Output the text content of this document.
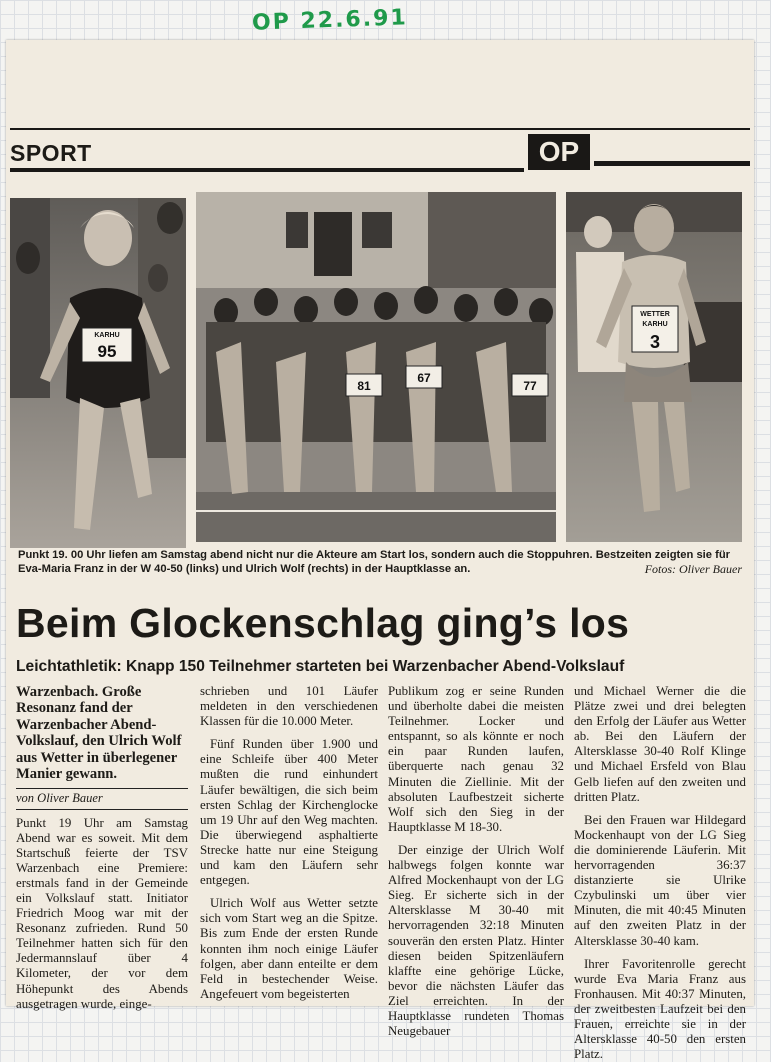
OP 22.6.91
SPORT	OP
KARHU
95
81
67
77
WETTER
KARHU
3
Punkt 19. 00 Uhr liefen am Samstag abend nicht nur die Akteure am Start los, sondern auch die Stoppuhren. Bestzeiten zeigten sie für Eva-Maria Franz in der W 40-50 (links) und Ulrich Wolf (rechts) in der Hauptklasse an.	Fotos: Oliver Bauer
Beim Glockenschlag ging’s los
Leichtathletik: Knapp 150 Teilnehmer starteten bei Warzenbacher Abend-Volkslauf
Warzenbach. Große Resonanz fand der Warzenbacher Abend-Volkslauf, den Ulrich Wolf aus Wetter in überlegener Manier gewann.
von Oliver Bauer

Punkt 19 Uhr am Samstag Abend war es soweit. Mit dem Startschuß feierte der TSV Warzenbach eine Premiere: erstmals fand in der Gemeinde ein Volkslauf statt. Initiator Friedrich Moog war mit der Resonanz zufrieden. Rund 50 Teilnehmer hatten sich für den Jedermannslauf über 4 Kilometer, der vor dem Höhepunkt des Abends ausgetragen wurde, einge-

schrieben und 101 Läufer meldeten in den verschiedenen Klassen für die 10.000 Meter.

Fünf Runden über 1.900 und eine Schleife über 400 Meter mußten die rund einhundert Läufer bewältigen, die sich beim ersten Schlag der Kirchenglocke um 19 Uhr auf den Weg machten. Die überwiegend asphaltierte Strecke hatte nur eine Steigung und kam den Läufern sehr entgegen.

Ulrich Wolf aus Wetter setzte sich vom Start weg an die Spitze. Bis zum Ende der ersten Runde konnten ihm noch einige Läufer folgen, aber dann enteilte er dem Feld in bestechender Weise. Angefeuert vom begeisterten

Publikum zog er seine Runden und überholte dabei die meisten Teilnehmer. Locker und entspannt, so als könnte er noch ein paar Runden laufen, überquerte nach genau 32 Minuten die Ziellinie. Mit der absoluten Laufbestzeit sicherte Wolf sich den Sieg in der Hauptklasse M 18-30.

Der einzige der Ulrich Wolf halbwegs folgen konnte war Alfred Mockenhaupt von der LG Sieg. Er sicherte sich in der Altersklasse M 30-40 mit hervorragenden 32:18 Minuten souverän den ersten Platz. Hinter diesen beiden Spitzenläufern klaffte eine gehörige Lücke, bevor die nächsten Läufer das Ziel erreichten. In der Hauptklasse rundeten Thomas Neugebauer

und Michael Werner die die Plätze zwei und drei belegten den Erfolg der Läufer aus Wetter ab. Bei den Läufern der Altersklasse 30-40 Rolf Klinge und Michael Ersfeld von Blau Gelb liefen auf den zweiten und dritten Platz.

Bei den Frauen war Hildegard Mockenhaupt von der LG Sieg die dominierende Läuferin. Mit hervorragenden 36:37 distanzierte sie Ulrike Czybulinski um über vier Minuten, die mit 40:45 Minuten auf den zweiten Platz in der Altersklasse 30-40 kam.

Ihrer Favoritenrolle gerecht wurde Eva Maria Franz aus Fronhausen. Mit 40:37 Minuten, der zweitbesten Laufzeit bei den Frauen, erreichte sie in der Altersklasse 40-50 den ersten Platz.
